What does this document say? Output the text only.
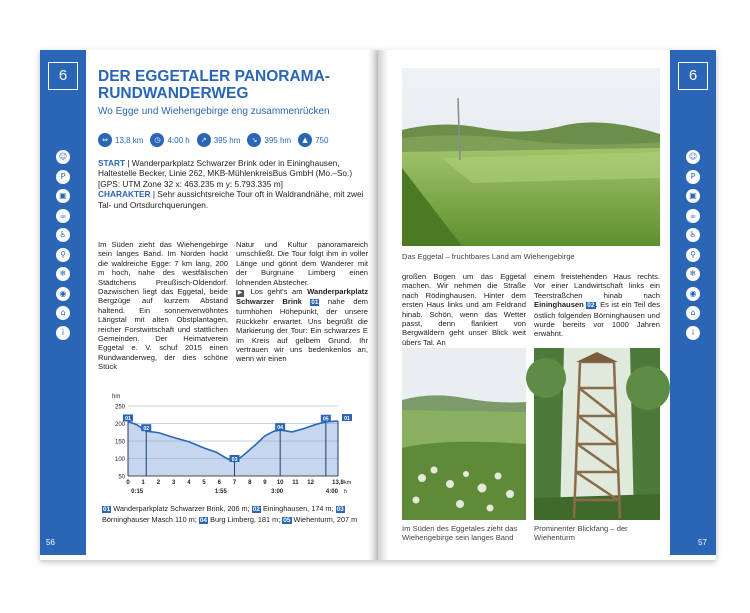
6
☺
P
▣
☕
♿
⚲
❄
◉
⌂
i
56
6
☺
P
▣
☕
♿
⚲
❄
◉
⌂
i
57
DER EGGETALER PANORAMA-
RUNDWANDERWEG
Wo Egge und Wiehengebirge eng zusammenrücken
⇔ 13,8 km	◷ 4:00 h	↗ 395 hm	↘ 395 hm	▲ 750
START | Wanderparkplatz Schwarzer Brink oder in Eininghausen, Haltestelle Becker, Linie 262, MKB-MühlenkreisBus GmbH (Mo.–So.) [GPS: UTM Zone 32 x: 463.235 m y: 5.793.335 m]
CHARAKTER | Sehr aussichtsreiche Tour oft in Waldrandnähe, mit zwei Tal- und Ortsdurchquerungen.
Im Süden zieht das Wiehengebirge sein langes Band. Im Norden hockt die waldreiche Egge: 7 km lang, 200 m hoch, nahe des westfälischen Städtchens Preußisch-Oldendorf. Dazwischen liegt das Eggetal, beide Bergzüge auf kurzem Abstand haltend. Ein sonnenverwöhntes Längstal mit alten Obstplantagen, reicher Forstwirtschaft und stattlichen Gemeinden. Der Heimatverein Eggetal e. V. schuf 2015 einen Rundwanderweg, der dies schöne Stück
Natur und Kultur panoramareich umschließt. Die Tour folgt ihm in voller Länge und gönnt dem Wanderer mit der Burgruine Limberg einen lohnenden Abstecher.
▶ Los geht's am Wanderparkplatz Schwarzer Brink 01 nahe dem turmhohen Höhepunkt, der unsere Rückkehr erwartet. Uns begrüßt die Markierung der Tour: Ein schwarzes E im Kreis auf gelbem Grund. Ihr vertrauen wir uns bedenkenlos an, wenn wir einen
250
200
150
100
50
hm
0 1 2 3 4 5 6 7 8 9 10 11 12	13,8 km
0:15	1:55	3:00	4:00 h
01
02
03
04
05	01
01 Wanderparkplatz Schwarzer Brink, 206 m; 02 Eininghausen, 174 m; 03 Börninghauser Masch 110 m; 04 Burg Limberg, 181 m; 05 Wiehenturm, 207 m
Das Eggetal – fruchtbares Land am Wiehengebirge
großen Bogen um das Eggetal machen. Wir nehmen die Straße nach Rödinghausen. Hinter dem ersten Haus links und am Feldrand hinab. Schön, wenn das Wetter passt, denn flankiert von Bergwäldern geht unser Blick weit übers Tal. An
einem freistehenden Haus rechts. Vor einer Landwirtschaft links ein Teerstraßchen hinab nach Eininghausen 02. Es ist ein Teil des östlich folgenden Börninghausen und wurde bereits vor 1000 Jahren erwähnt.
Im Süden des Eggetales zieht das Wiehengebirge sein langes Band
Prominenter Blickfang – der Wiehenturm
